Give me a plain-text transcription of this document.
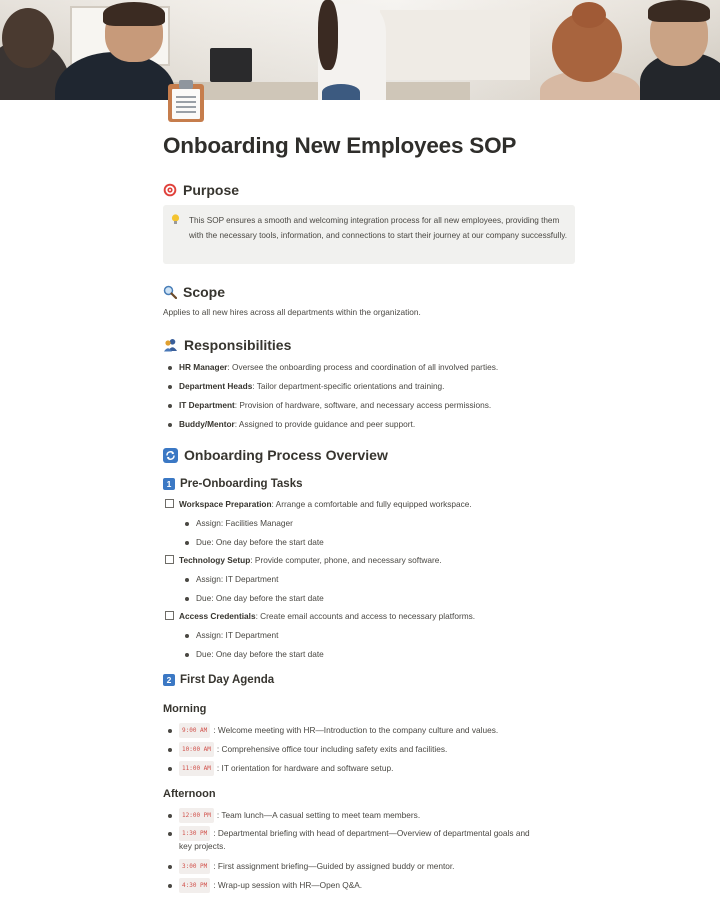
Onboarding New Employees SOP
Purpose
This SOP ensures a smooth and welcoming integration process for all new employees, providing them with the necessary tools, information, and connections to start their journey at our company successfully.
Scope
Applies to all new hires across all departments within the organization.
Responsibilities
HR Manager: Oversee the onboarding process and coordination of all involved parties.
Department Heads: Tailor department-specific orientations and training.
IT Department: Provision of hardware, software, and necessary access permissions.
Buddy/Mentor: Assigned to provide guidance and peer support.
Onboarding Process Overview
1 Pre-Onboarding Tasks
Workspace Preparation: Arrange a comfortable and fully equipped workspace.
Assign: Facilities Manager
Due: One day before the start date
Technology Setup: Provide computer, phone, and necessary software.
Assign: IT Department
Due: One day before the start date
Access Credentials: Create email accounts and access to necessary platforms.
Assign: IT Department
Due: One day before the start date
2 First Day Agenda
Morning
9:00 AM : Welcome meeting with HR—Introduction to the company culture and values.
10:00 AM : Comprehensive office tour including safety exits and facilities.
11:00 AM : IT orientation for hardware and software setup.
Afternoon
12:00 PM : Team lunch—A casual setting to meet team members.
1:30 PM : Departmental briefing with head of department—Overview of departmental goals and
key projects.
3:00 PM : First assignment briefing—Guided by assigned buddy or mentor.
4:30 PM : Wrap-up session with HR—Open Q&A.
